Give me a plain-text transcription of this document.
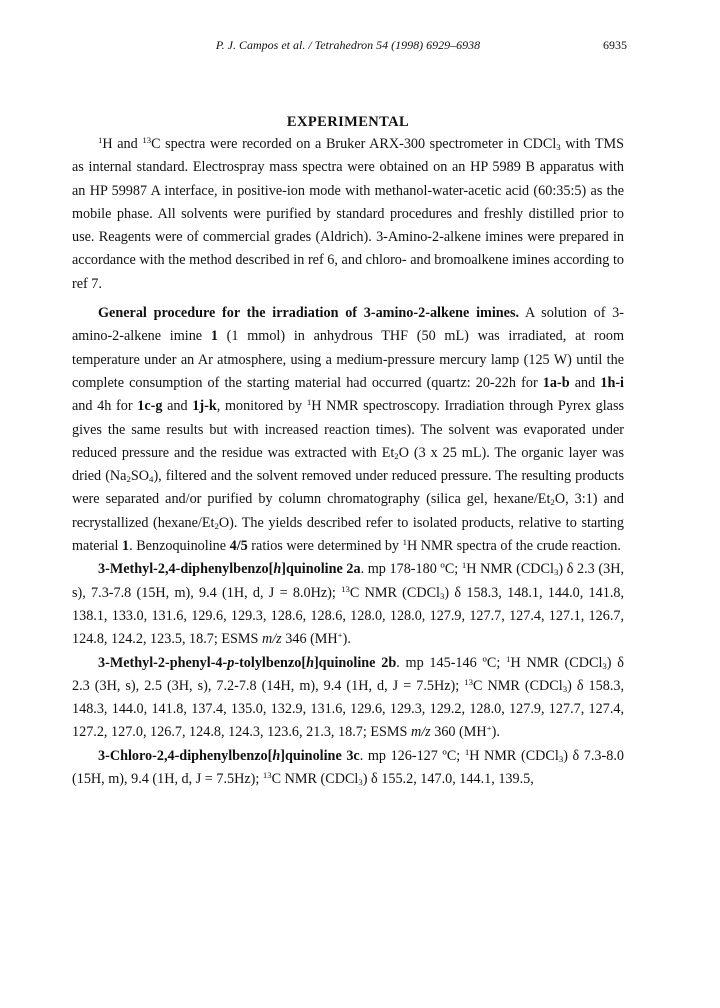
P. J. Campos et al. / Tetrahedron 54 (1998) 6929–6938	6935
EXPERIMENTAL

$^1$H and $^{13}$C spectra were recorded on a Bruker ARX-300 spectrometer in CDCl$_3$ with TMS as internal standard. Electrospray mass spectra were obtained on an HP 5989 B apparatus with an HP 59987 A interface, in positive-ion mode with methanol-water-acetic acid (60:35:5) as the mobile phase. All solvents were purified by standard procedures and freshly distilled prior to use. Reagents were of commercial grades (Aldrich). 3-Amino-2-alkene imines were prepared in accordance with the method described in ref 6, and chloro- and bromoalkene imines according to ref 7.

General procedure for the irradiation of 3-amino-2-alkene imines. A solution of 3-amino-2-alkene imine 1 (1 mmol) in anhydrous THF (50 mL) was irradiated, at room temperature under an Ar atmosphere, using a medium-pressure mercury lamp (125 W) until the complete consumption of the starting material had occurred (quartz: 20-22h for 1a-b and 1h-i and 4h for 1c-g and 1j-k, monitored by $^1$H NMR spectroscopy. Irradiation through Pyrex glass gives the same results but with increased reaction times). The solvent was evaporated under reduced pressure and the residue was extracted with $Et_2O$ (3 x 25 mL). The organic layer was dried $(Na_2SO_4)$, filtered and the solvent removed under reduced pressure. The resulting products were separated and/or purified by column chromatography (silica gel, hexane/$Et_2O$, 3:1) and recrystallized $(hexane/Et_2O)$. The yields described refer to isolated products, relative to starting material 1. Benzoquinoline 4/5 ratios were determined by $^1$H NMR spectra of the crude reaction.

3-Methyl-2,4-diphenylbenzo[h]quinoline 2a. mp 178-180 ºC; $^1$H NMR (CDCl$_3$) δ 2.3 (3H, s), 7.3-7.8 (15H, m), 9.4 (1H, d, J = 8.0Hz); $^{13}$C NMR (CDCl$_3$) δ 158.3, 148.1, 144.0, 141.8, 138.1, 133.0, 131.6, 129.6, 129.3, 128.6, 128.6, 128.0, 128.0, 127.9, 127.7, 127.4, 127.1, 126.7, 124.8, 124.2, 123.5, 18.7; ESMS m/z 346 (MH+).

3-Methyl-2-phenyl-4-p-tolylbenzo[h]quinoline 2b. mp 145-146 ºC; $^1$H NMR (CDCl$_3$) δ 2.3 (3H, s), 2.5 (3H, s), 7.2-7.8 (14H, m), 9.4 (1H, d, J = 7.5Hz); $^{13}$C NMR (CDCl$_3$) δ 158.3, 148.3, 144.0, 141.8, 137.4, 135.0, 132.9, 131.6, 129.6, 129.3, 129.2, 128.0, 127.9, 127.7, 127.4, 127.2, 127.0, 126.7, 124.8, 124.3, 123.6, 21.3, 18.7; ESMS m/z 360 (MH+).

3-Chloro-2,4-diphenylbenzo[h]quinoline 3c. mp 126-127 ºC; $^1$H NMR (CDCl$_3$) δ 7.3-8.0 (15H, m), 9.4 (1H, d, J = 7.5Hz); $^{13}$C NMR (CDCl$_3$) δ 155.2, 147.0, 144.1, 139.5,
